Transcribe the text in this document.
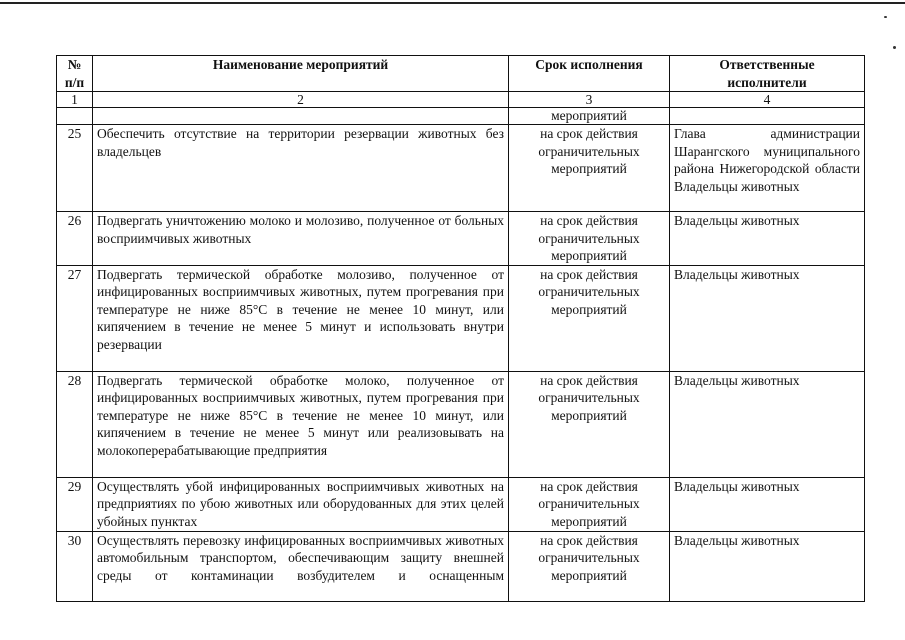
№ п/п	Наименование мероприятий	Срок исполнения	Ответственные исполнители
1	2	3	4
		мероприятий	
25	Обеспечить отсутствие на территории резервации животных без владельцев	на срок действия ограничительных мероприятий	Глава администрации
Шарангского муниципального района Нижегородской области Владельцы животных

26	Подвергать уничтожению молоко и молозиво, полученное от больных восприимчивых животных	на срок действия ограничительных мероприятий	Владельцы животных
27	Подвергать термической обработке молозиво, полученное от инфицированных восприимчивых животных, путем прогревания при температуре не ниже 85°С в течение не менее 10 минут, или кипячением в течение не менее 5 минут и использовать внутри резервации	на срок действия ограничительных мероприятий	Владельцы животных
28	Подвергать термической обработке молоко, полученное от инфицированных восприимчивых животных, путем прогревания при температуре не ниже 85°С в течение не менее 10 минут, или кипячением в течение не менее 5 минут или реализовывать на молокоперерабатывающие предприятия	на срок действия ограничительных мероприятий	Владельцы животных
29	Осуществлять убой инфицированных восприимчивых животных на предприятиях по убою животных или оборудованных для этих целей убойных пунктах	на срок действия ограничительных мероприятий	Владельцы животных
30	Осуществлять перевозку инфицированных восприимчивых животных автомобильным транспортом, обеспечивающим защиту внешней среды от контаминации возбудителем и оснащенным	на срок действия ограничительных мероприятий	Владельцы животных
